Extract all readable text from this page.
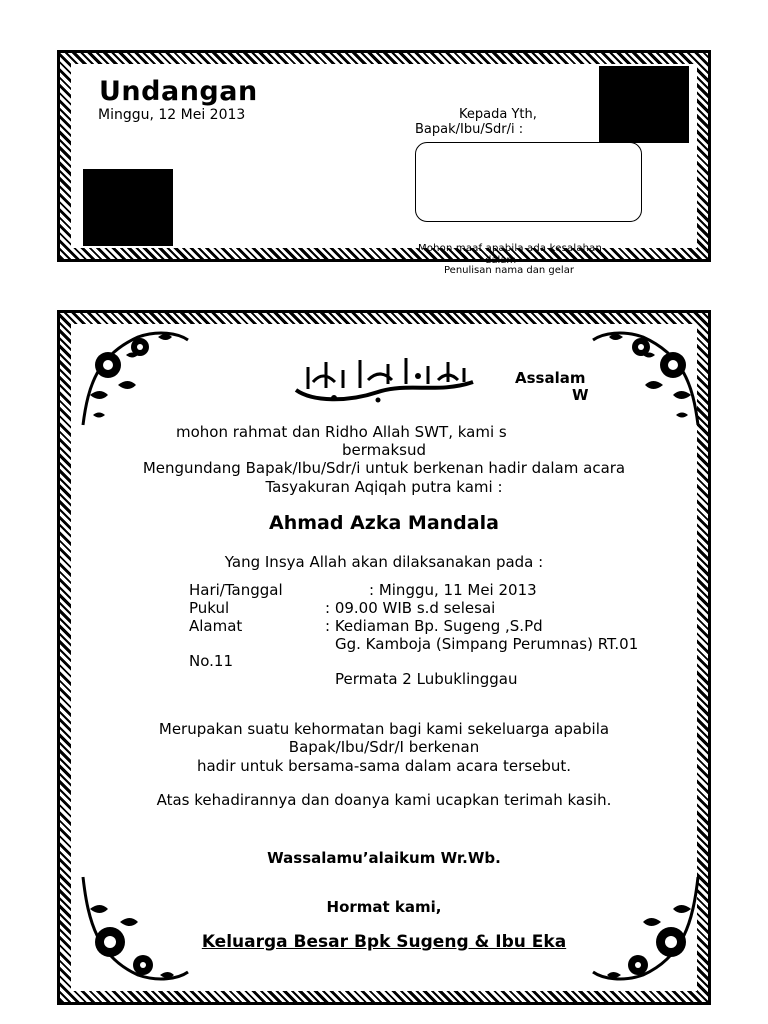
Undangan
Minggu, 12 Mei 2013	Kepada Yth,
Bapak/Ibu/Sdr/i :
Mohon maaf apabila ada kesalahan
dalam
Penulisan nama dan gelar
Assalam
W
mohon rahmat dan Ridho Allah SWT, kami s
bermaksud
Mengundang Bapak/Ibu/Sdr/i untuk berkenan hadir dalam acara
Tasyakuran Aqiqah putra kami :
Ahmad Azka Mandala
Yang Insya Allah akan dilaksanakan pada :
Hari/Tanggal	: Minggu, 11 Mei 2013
Pukul	: 09.00 WIB s.d selesai
Alamat	: Kediaman Bp. Sugeng ,S.Pd
Gg. Kamboja (Simpang Perumnas) RT.01
No.11
Permata 2 Lubuklinggau
Merupakan suatu kehormatan bagi kami sekeluarga apabila
Bapak/Ibu/Sdr/I berkenan
hadir untuk bersama-sama dalam acara tersebut.
Atas kehadirannya dan doanya kami ucapkan terimah kasih.
Wassalamu’alaikum Wr.Wb.
Hormat kami,
Keluarga Besar Bpk Sugeng & Ibu Eka
